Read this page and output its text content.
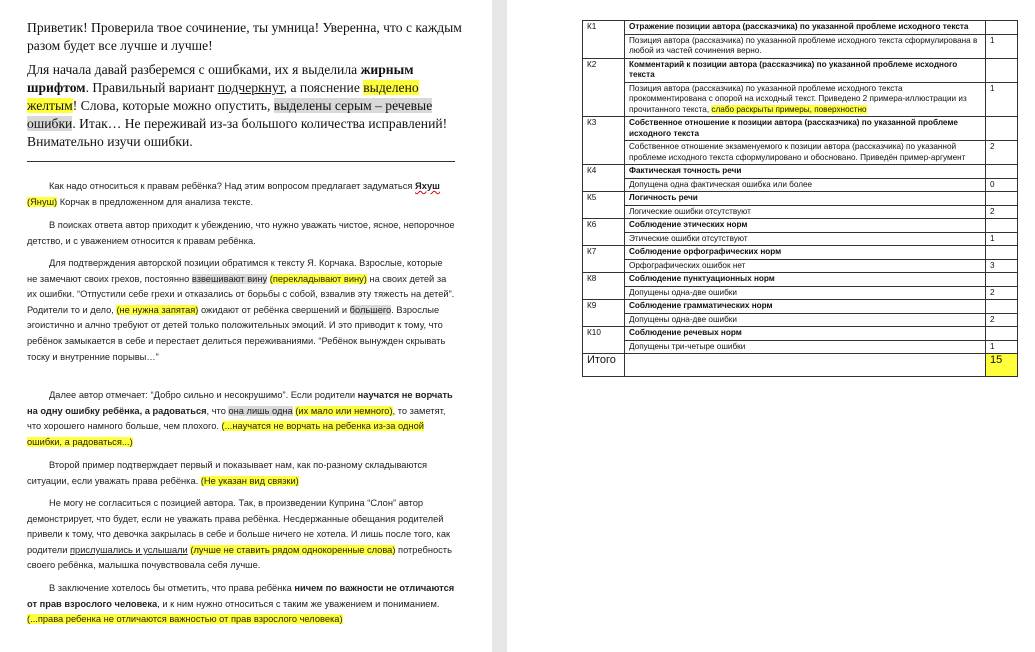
Приветик! Проверила твое сочинение, ты умница! Уверенна, что с каждым разом будет все лучше и лучше!
Для начала давай разберемся с ошибками, их я выделила жирным шрифтом. Правильный вариант подчеркнут, а пояснение выделено желтым! Слова, которые можно опустить, выделены серым – речевые ошибки. Итак… Не переживай из-за большого количества исправлений! Внимательно изучи ошибки.
Как надо относиться к правам ребёнка? Над этим вопросом предлагает задуматься Яхуш (Януш) Корчак в предложенном для анализа тексте.
В поисках ответа автор приходит к убеждению, что нужно уважать чистое, ясное, непорочное детство, и с уважением относится к правам ребёнка.
Для подтверждения авторской позиции обратимся к тексту Я. Корчака. Взрослые, которые не замечают своих грехов, постоянно взвешивают вину (перекладывают вину) на своих детей за их ошибки. “Отпустили себе грехи и отказались от борьбы с собой, взвалив эту тяжесть на детей”. Родители то и дело, (не нужна запятая) ожидают от ребёнка свершений и большего. Взрослые эгоистично и алчно требуют от детей только положительных эмоций. И это приводит к тому, что ребёнок замыкается в себе и перестает делиться переживаниями. “Ребёнок вынужден скрывать тоску и внутренние порывы…”
Далее автор отмечает: “Добро сильно и несокрушимо”. Если родители научатся не ворчать на одну ошибку ребёнка, а радоваться, что она лишь одна (их мало или немного), то заметят, что хорошего намного больше, чем плохого. (...научатся не ворчать на ребенка из-за одной ошибки, а радоваться...)
Второй пример подтверждает первый и показывает нам, как по-разному складываются ситуации, если уважать права ребёнка. (Не указан вид связки)
Не могу не согласиться с позицией автора. Так, в произведении Куприна “Слон” автор демонстрирует, что будет, если не уважать права ребёнка. Несдержанные обещания родителей привели к тому, что девочка закрылась в себе и больше ничего не хотела. И лишь после того, как родители прислушались и услышали (лучше не ставить рядом однокоренные слова) потребность своего ребёнка, малышка почувствовала себя лучше.
В заключение хотелось бы отметить, что права ребёнка ничем по важности не отличаются от прав взрослого человека, и к ним нужно относиться с таким же уважением и пониманием. (...права ребенка не отличаются важностью от прав взрослого человека)
К1	Отражение позиции автора (рассказчика) по указанной проблеме исходного текста	
	Позиция автора (рассказчика) по указанной проблеме исходного текста сформулирована в любой из частей сочинения верно.	1
К2	Комментарий к позиции автора (рассказчика) по указанной проблеме исходного текста	
	Позиция автора (рассказчика) по указанной проблеме исходного текста прокомментирована с опорой на исходный текст. Приведено 2 примера-иллюстрации из прочитанного текста, слабо раскрыты примеры, поверхностно	1
К3	Собственное отношение к позиции автора (рассказчика) по указанной проблеме исходного текста	
	Собственное отношение экзаменуемого к позиции автора (рассказчика) по указанной проблеме исходного текста сформулировано и обосновано. Приведён пример-аргумент	2
К4	Фактическая точность речи	
	Допущена одна фактическая ошибка или более	0
К5	Логичность речи	
	Логические ошибки отсутствуют	2
К6	Соблюдение этических норм	
	Этические ошибки отсутствуют	1
К7	Соблюдение орфографических норм	
	Орфографических ошибок нет	3
К8	Соблюдение пунктуационных норм	
	Допущены одна-две ошибки	2
К9	Соблюдение грамматических норм	
	Допущены одна-две ошибки	2
К10	Соблюдение речевых норм	
	Допущены три-четыре ошибки	1
Итого		15
